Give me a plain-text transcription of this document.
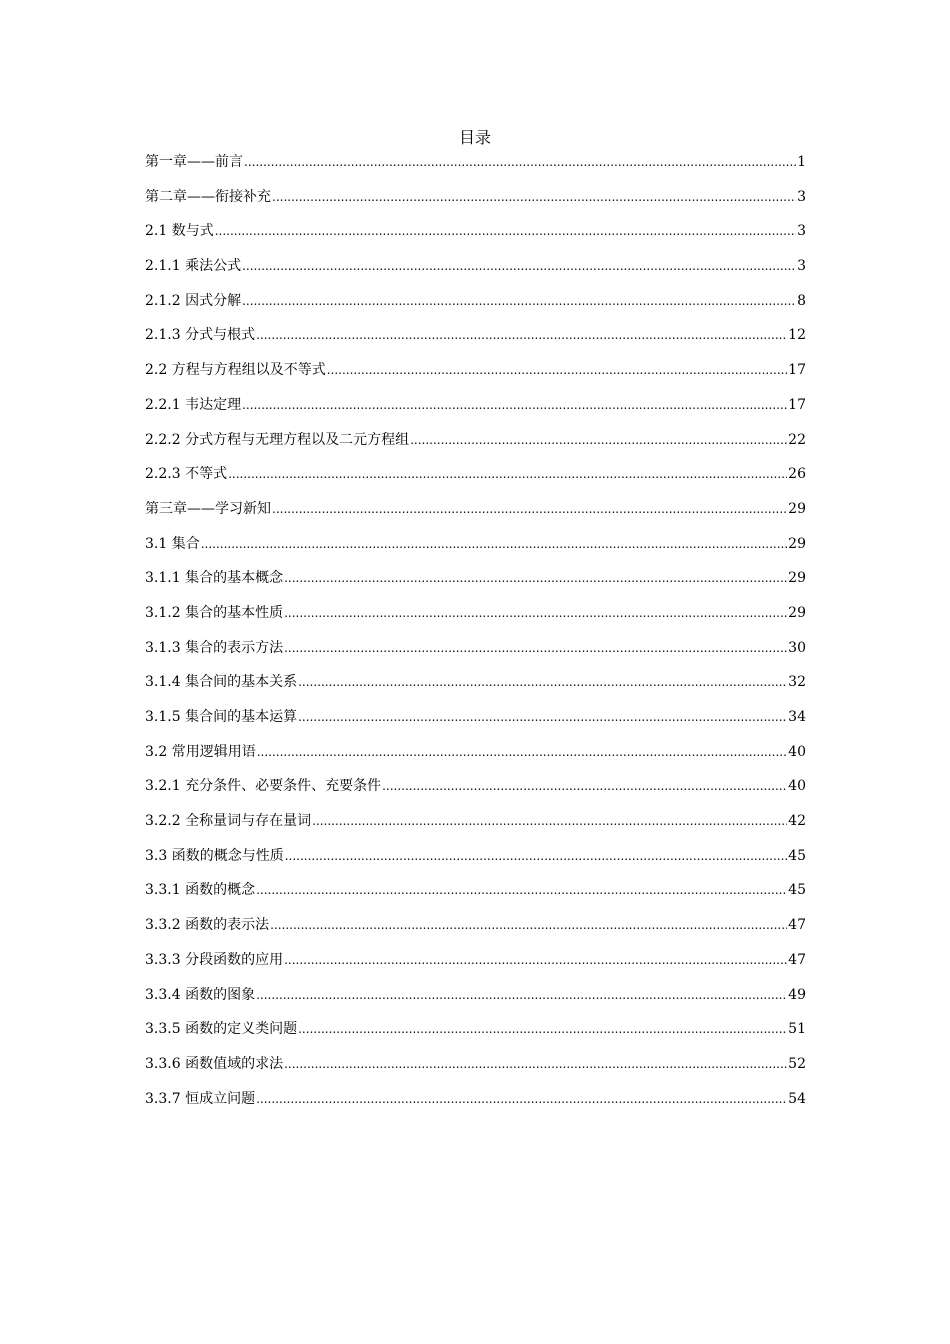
目录
第一章——前言 .....	1
第二章——衔接补充 .....	3
2.1 数与式 .....	3
2.1.1 乘法公式 .....	3
2.1.2 因式分解 .....	8
2.1.3 分式与根式 .....	12
2.2 方程与方程组以及不等式 .....	17
2.2.1 韦达定理 .....	17
2.2.2 分式方程与无理方程以及二元方程组 .....	22
2.2.3 不等式 .....	26
第三章——学习新知 .....	29
3.1 集合 .....	29
3.1.1 集合的基本概念 .....	29
3.1.2 集合的基本性质 .....	29
3.1.3 集合的表示方法 .....	30
3.1.4 集合间的基本关系 .....	32
3.1.5 集合间的基本运算 .....	34
3.2 常用逻辑用语 .....	40
3.2.1 充分条件、必要条件、充要条件 .....	40
3.2.2 全称量词与存在量词 .....	42
3.3 函数的概念与性质 .....	45
3.3.1 函数的概念 .....	45
3.3.2 函数的表示法 .....	47
3.3.3 分段函数的应用 .....	47
3.3.4 函数的图象 .....	49
3.3.5 函数的定义类问题 .....	51
3.3.6 函数值域的求法 .....	52
3.3.7 恒成立问题 .....	54
